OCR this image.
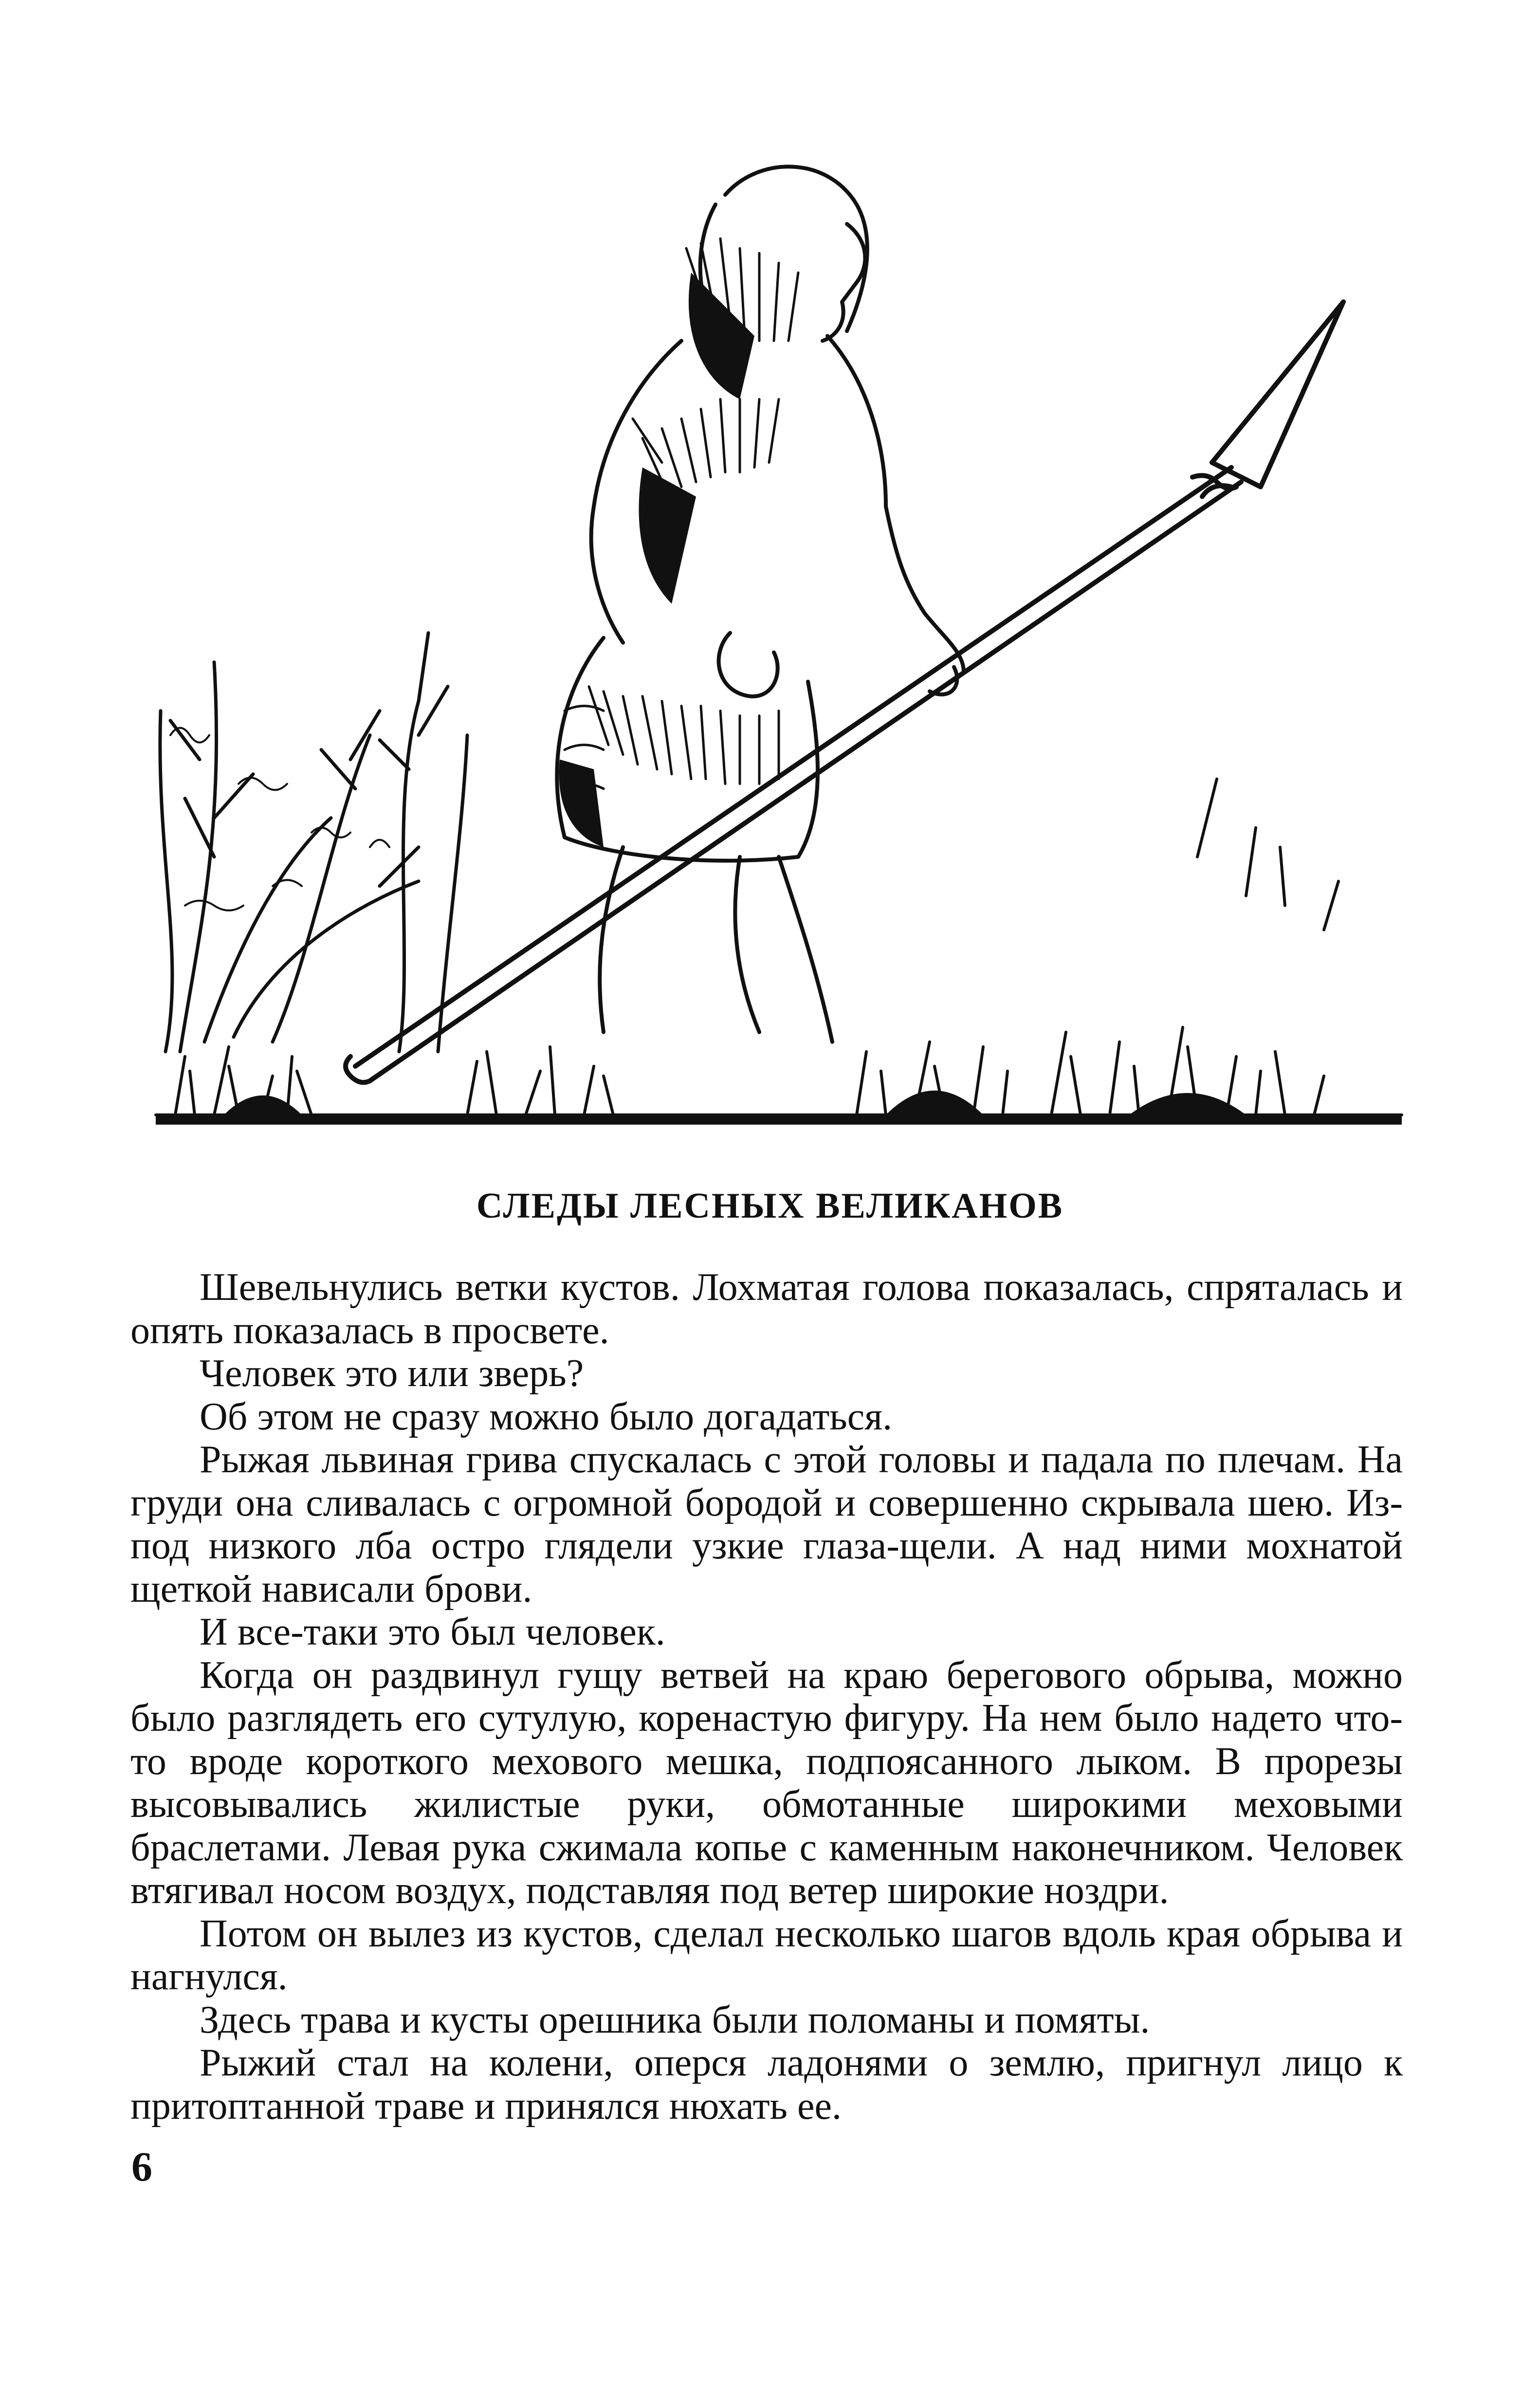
СЛЕДЫ ЛЕСНЫХ ВЕЛИКАНОВ

Шевельнулись ветки кустов. Лохматая голова показалась, спряталась и опять показалась в просвете.

Человек это или зверь?

Об этом не сразу можно было догадаться.

Рыжая львиная грива спускалась с этой головы и падала по плечам. На груди она сливалась с огромной бородой и совершенно скрывала шею. Из-под низкого лба остро глядели узкие глаза-щели. А над ними мохнатой щеткой нависали брови.

И все-таки это был человек.

Когда он раздвинул гущу ветвей на краю берегового обрыва, можно было разглядеть его сутулую, коренастую фигуру. На нем было надето что-то вроде короткого мехового мешка, подпоясанного лыком. В прорезы высовывались жилистые руки, обмотанные широкими меховыми браслетами. Левая рука сжимала копье с каменным наконечником. Человек втягивал носом воздух, подставляя под ветер широкие ноздри.

Потом он вылез из кустов, сделал несколько шагов вдоль края обрыва и нагнулся.

Здесь трава и кусты орешника были поломаны и помяты.

Рыжий стал на колени, оперся ладонями о землю, пригнул лицо к притоптанной траве и принялся нюхать ее.

6
